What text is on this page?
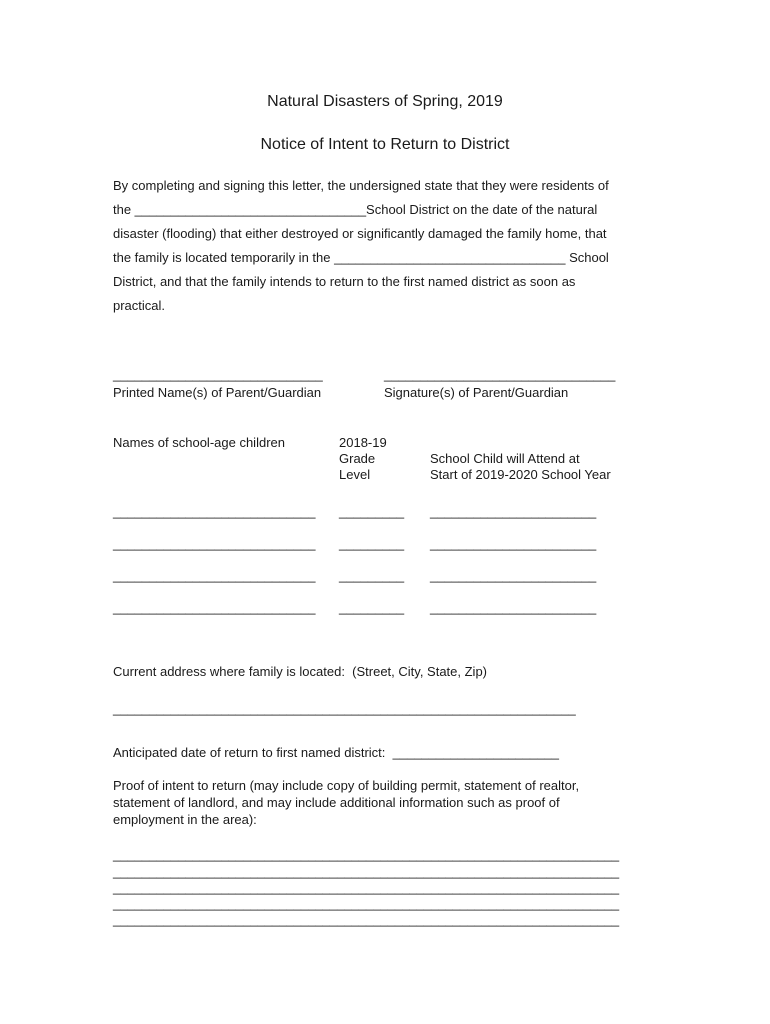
Natural Disasters of Spring, 2019
Notice of Intent to Return to District
By completing and signing this letter, the undersigned state that they were residents of
the ________________________________School District on the date of the natural
disaster (flooding) that either destroyed or significantly damaged the family home, that
the family is located temporarily in the ________________________________ School
District, and that the family intends to return to the first named district as soon as
practical.
_____________________________
Printed Name(s) of Parent/Guardian
________________________________
Signature(s) of Parent/Guardian
Names of school-age children	2018-19
Grade
Level
School Child will Attend at
Start of 2019-2020 School Year
____________________________ _________ _______________________
____________________________ _________ _______________________
____________________________ _________ _______________________
____________________________ _________ _______________________
Current address where family is located:  (Street, City, State, Zip)
________________________________________________________________
Anticipated date of return to first named district:  _______________________
Proof of intent to return (may include copy of building permit, statement of realtor,
statement of landlord, and may include additional information such as proof of
employment in the area):
______________________________________________________________________
______________________________________________________________________
______________________________________________________________________
______________________________________________________________________
______________________________________________________________________
